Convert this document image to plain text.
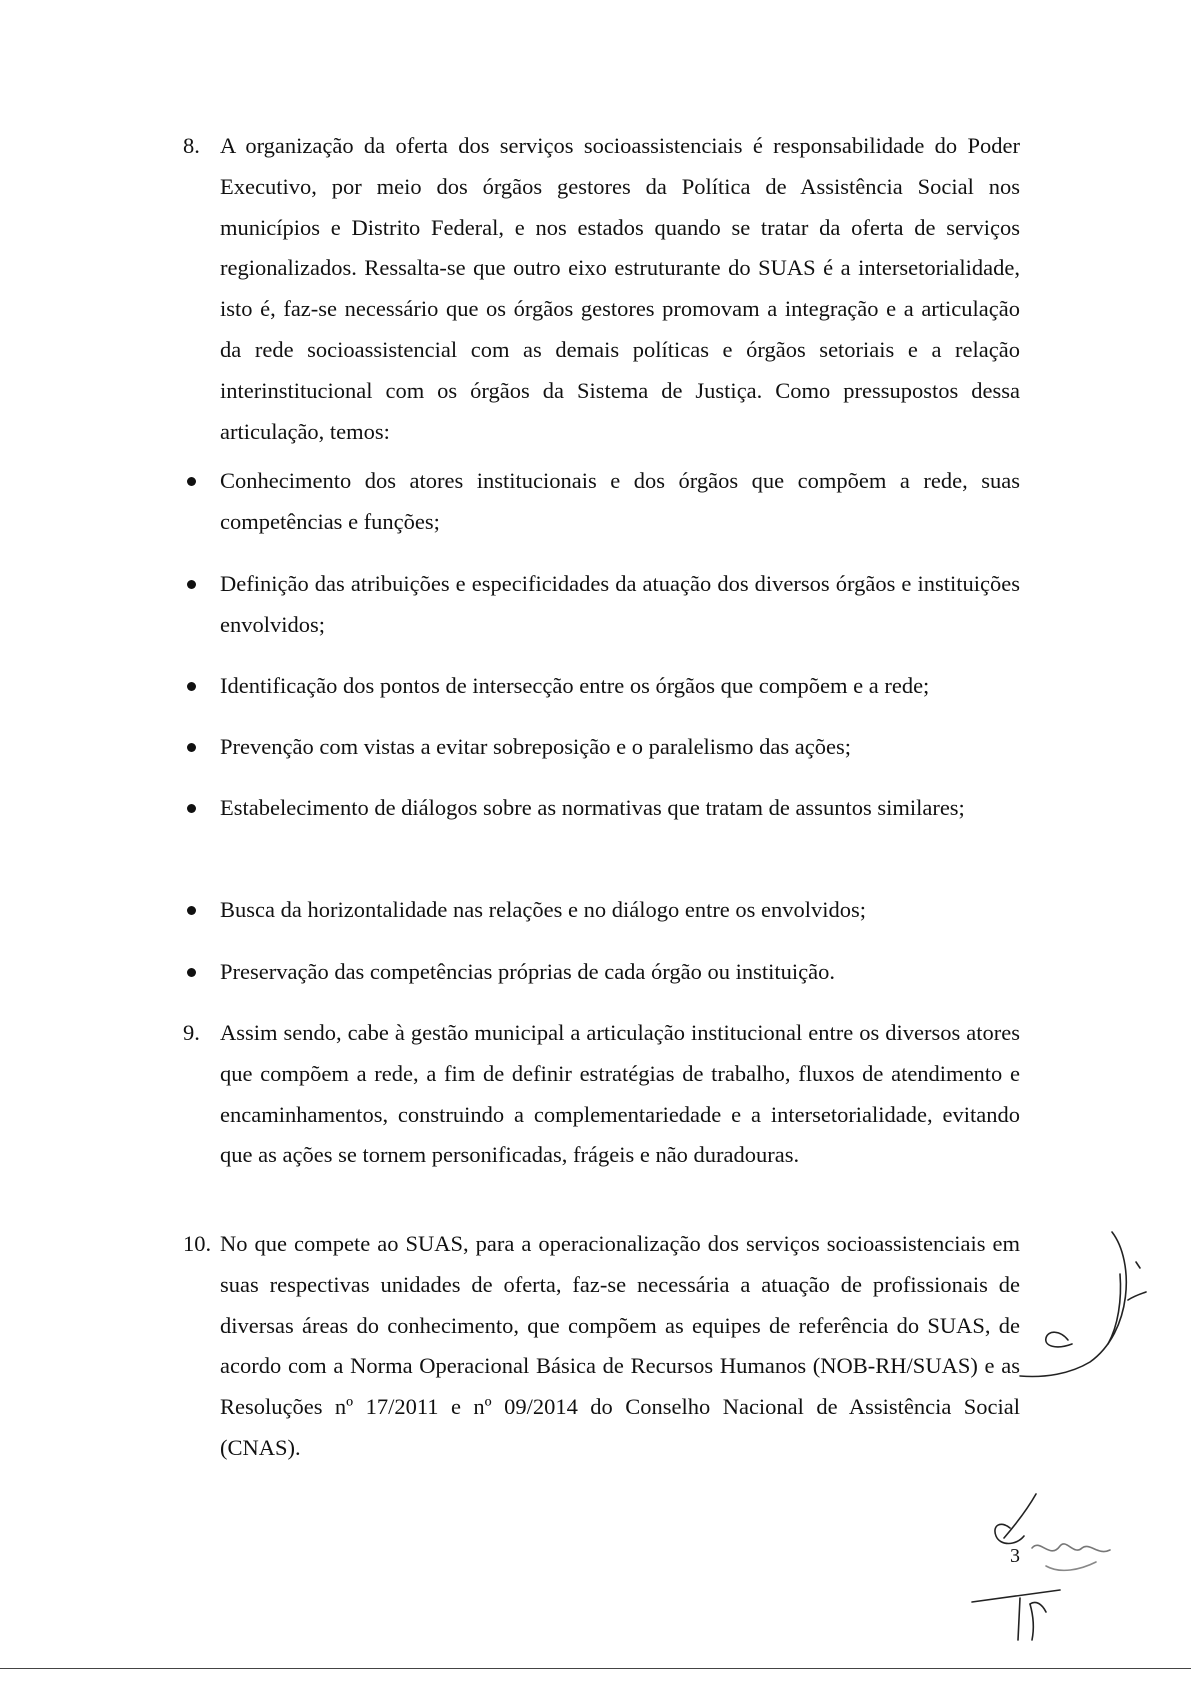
8. A organização da oferta dos serviços socioassistenciais é responsabilidade do Poder Executivo, por meio dos órgãos gestores da Política de Assistência Social nos municípios e Distrito Federal, e nos estados quando se tratar da oferta de serviços regionalizados. Ressalta-se que outro eixo estruturante do SUAS é a intersetorialidade, isto é, faz-se necessário que os órgãos gestores promovam a integração e a articulação da rede socioassistencial com as demais políticas e órgãos setoriais e a relação interinstitucional com os órgãos da Sistema de Justiça. Como pressupostos dessa articulação, temos:
Conhecimento dos atores institucionais e dos órgãos que compõem a rede, suas competências e funções;
Definição das atribuições e especificidades da atuação dos diversos órgãos e instituições envolvidos;
Identificação dos pontos de intersecção entre os órgãos que compõem e a rede;
Prevenção com vistas a evitar sobreposição e o paralelismo das ações;
Estabelecimento de diálogos sobre as normativas que tratam de assuntos similares;
Busca da horizontalidade nas relações e no diálogo entre os envolvidos;
Preservação das competências próprias de cada órgão ou instituição.
9. Assim sendo, cabe à gestão municipal a articulação institucional entre os diversos atores que compõem a rede, a fim de definir estratégias de trabalho, fluxos de atendimento e encaminhamentos, construindo a complementariedade e a intersetorialidade, evitando que as ações se tornem personificadas, frágeis e não duradouras.
10. No que compete ao SUAS, para a operacionalização dos serviços socioassistenciais em suas respectivas unidades de oferta, faz-se necessária a atuação de profissionais de diversas áreas do conhecimento, que compõem as equipes de referência do SUAS, de acordo com a Norma Operacional Básica de Recursos Humanos (NOB-RH/SUAS) e as Resoluções nº 17/2011 e nº 09/2014 do Conselho Nacional de Assistência Social (CNAS).
3
